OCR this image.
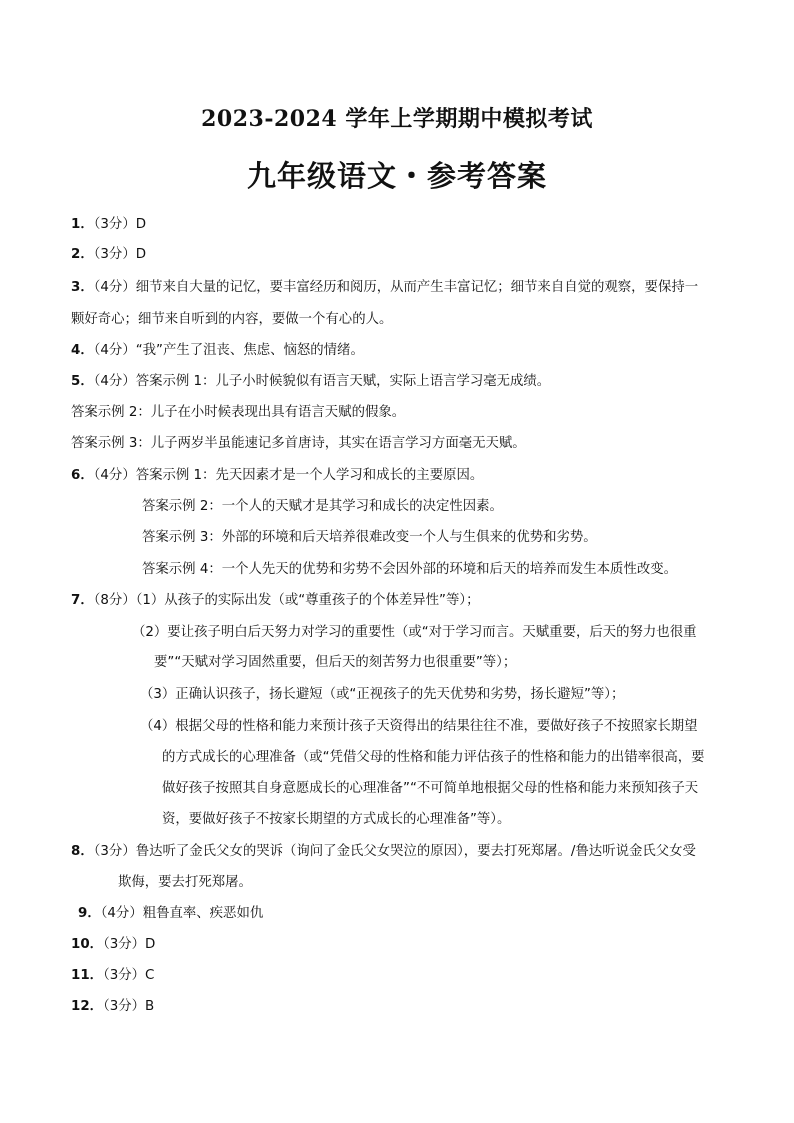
2023-2024 学年上学期期中模拟考试
九年级语文・参考答案
1．（3分）D
2．（3分）D
3．（4分）细节来自大量的记忆，要丰富经历和阅历，从而产生丰富记忆；细节来自自觉的观察，要保持一
颗好奇心；细节来自听到的内容，要做一个有心的人。
4．（4分）“我”产生了沮丧、焦虑、恼怒的情绪。
5．（4分）答案示例 1：儿子小时候貌似有语言天赋，实际上语言学习毫无成绩。
答案示例 2：儿子在小时候表现出具有语言天赋的假象。
答案示例 3：儿子两岁半虽能速记多首唐诗，其实在语言学习方面毫无天赋。
6．（4分）答案示例 1：先天因素才是一个人学习和成长的主要原因。
答案示例 2：一个人的天赋才是其学习和成长的决定性因素。
答案示例 3：外部的环境和后天培养很难改变一个人与生俱来的优势和劣势。
答案示例 4：一个人先天的优势和劣势不会因外部的环境和后天的培养而发生本质性改变。
7．（8分）（1）从孩子的实际出发（或“尊重孩子的个体差异性”等）；
（2）要让孩子明白后天努力对学习的重要性（或“对于学习而言。天赋重要，后天的努力也很重
要”“天赋对学习固然重要，但后天的刻苦努力也很重要”等）；
（3）正确认识孩子，扬长避短（或“正视孩子的先天优势和劣势，扬长避短”等）；
（4）根据父母的性格和能力来预计孩子天资得出的结果往往不准，要做好孩子不按照家长期望
的方式成长的心理准备（或“凭借父母的性格和能力评估孩子的性格和能力的出错率很高，要
做好孩子按照其自身意愿成长的心理准备”“不可简单地根据父母的性格和能力来预知孩子天
资，要做好孩子不按家长期望的方式成长的心理准备”等）。
8．（3分）鲁达听了金氏父女的哭诉（询问了金氏父女哭泣的原因），要去打死郑屠。/鲁达听说金氏父女受
欺侮，要去打死郑屠。
9．（4分）粗鲁直率、疾恶如仇
10．（3分）D
11．（3分）C
12．（3分）B
